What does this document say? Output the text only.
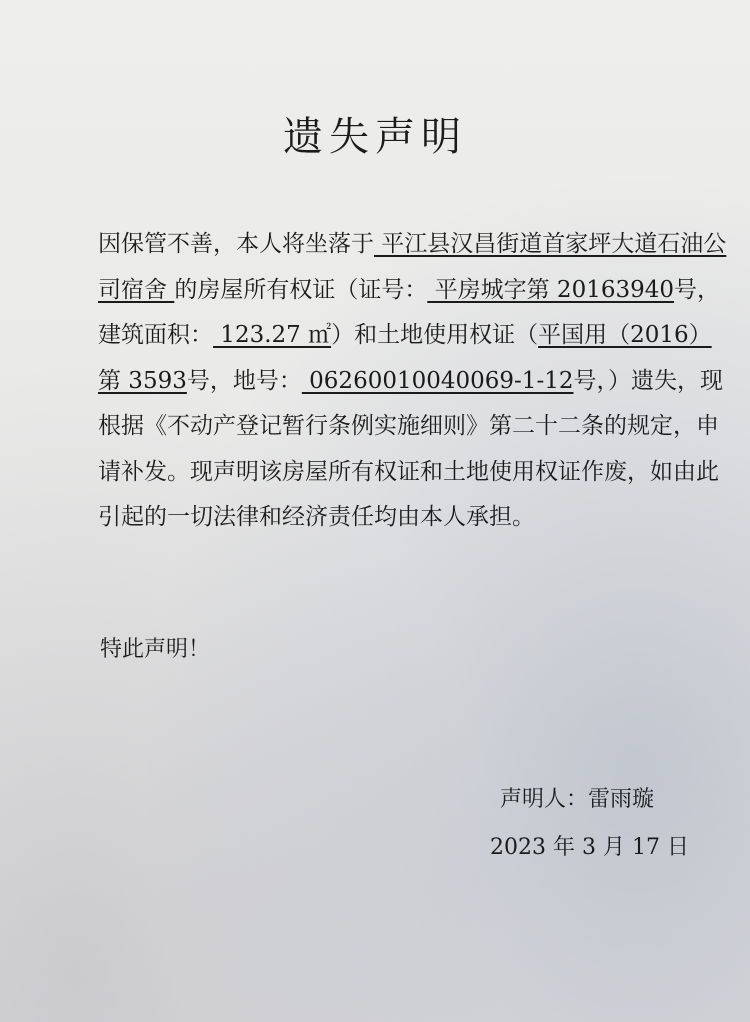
遗失声明

因保管不善，本人将坐落于 平江县汉昌街道首家坪大道石油公司宿舍 的房屋所有权证（证号： 平房城字第 20163940号，建筑面积： 123.27 ㎡）和土地使用权证（平国用（2016）第 3593号，地号： 06260010040069-1-12号，）遗失，现根据《不动产登记暂行条例实施细则》第二十二条的规定，申请补发。现声明该房屋所有权证和土地使用权证作废，如由此引起的一切法律和经济责任均由本人承担。

特此声明！
声明人：雷雨璇
2023 年 3 月 17 日
